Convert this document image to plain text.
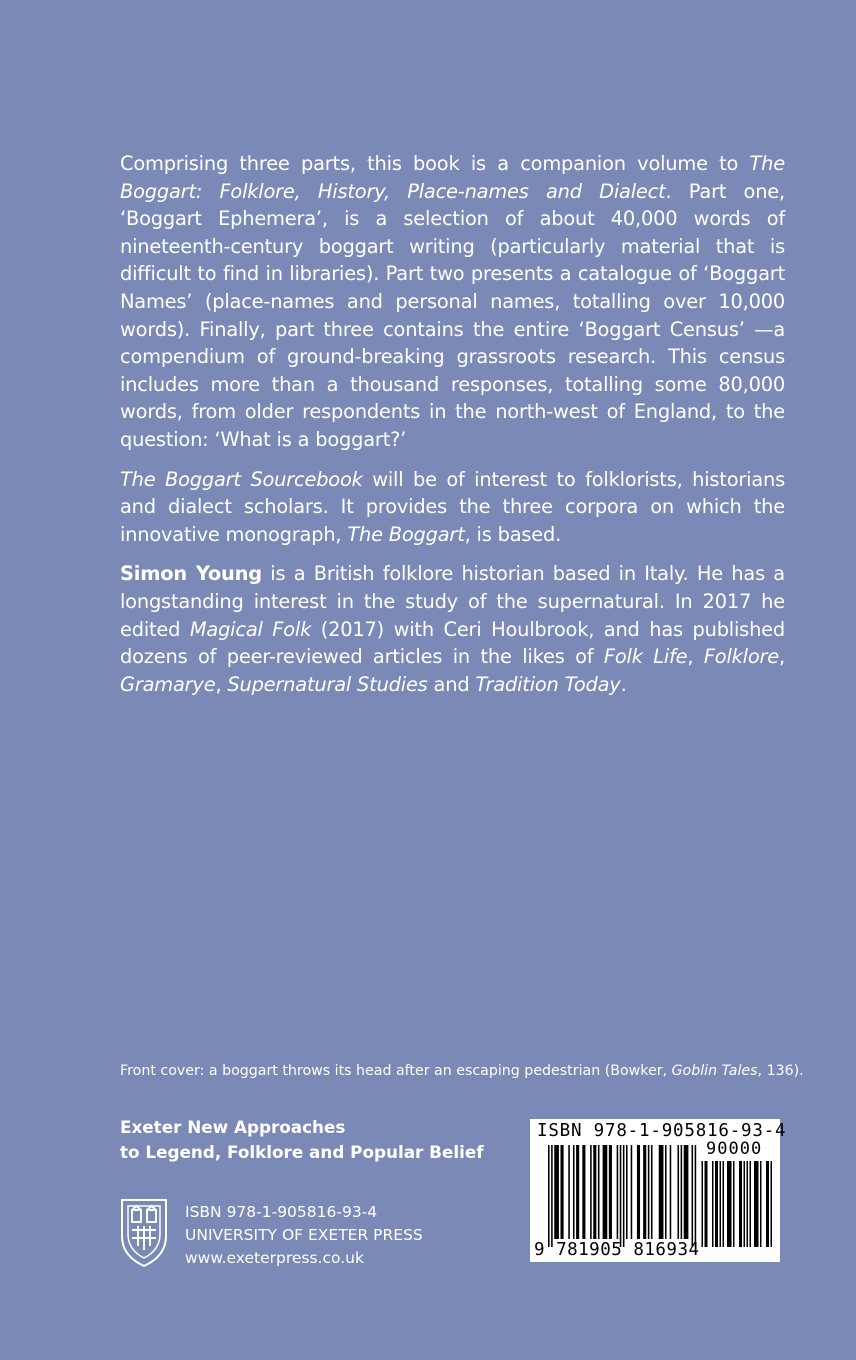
Comprising three parts, this book is a companion volume to The Boggart: Folklore, History, Place-names and Dialect. Part one, ‘Boggart Ephemera’, is a selection of about 40,000 words of nineteenth-century boggart writing (particularly material that is difficult to find in libraries). Part two presents a catalogue of ‘Boggart Names’ (place-names and personal names, totalling over 10,000 words). Finally, part three contains the entire ‘Boggart Census’ —a compendium of ground-breaking grassroots research. This census includes more than a thousand responses, totalling some 80,000 words, from older respondents in the north-west of England, to the question: ‘What is a boggart?’

The Boggart Sourcebook will be of interest to folklorists, historians and dialect scholars. It provides the three corpora on which the innovative monograph, The Boggart, is based.

Simon Young is a British folklore historian based in Italy. He has a longstanding interest in the study of the supernatural. In 2017 he edited Magical Folk (2017) with Ceri Houlbrook, and has published dozens of peer-reviewed articles in the likes of Folk Life, Folklore, Gramarye, Supernatural Studies and Tradition Today.

Front cover: a boggart throws its head after an escaping pedestrian (Bowker, Goblin Tales, 136).
Exeter New Approaches
to Legend, Folklore and Popular Belief
ISBN 978-1-905816-93-4
UNIVERSITY OF EXETER PRESS
www.exeterpress.co.uk
ISBN 978-1-905816-93-4
90000
9 781905 816934
